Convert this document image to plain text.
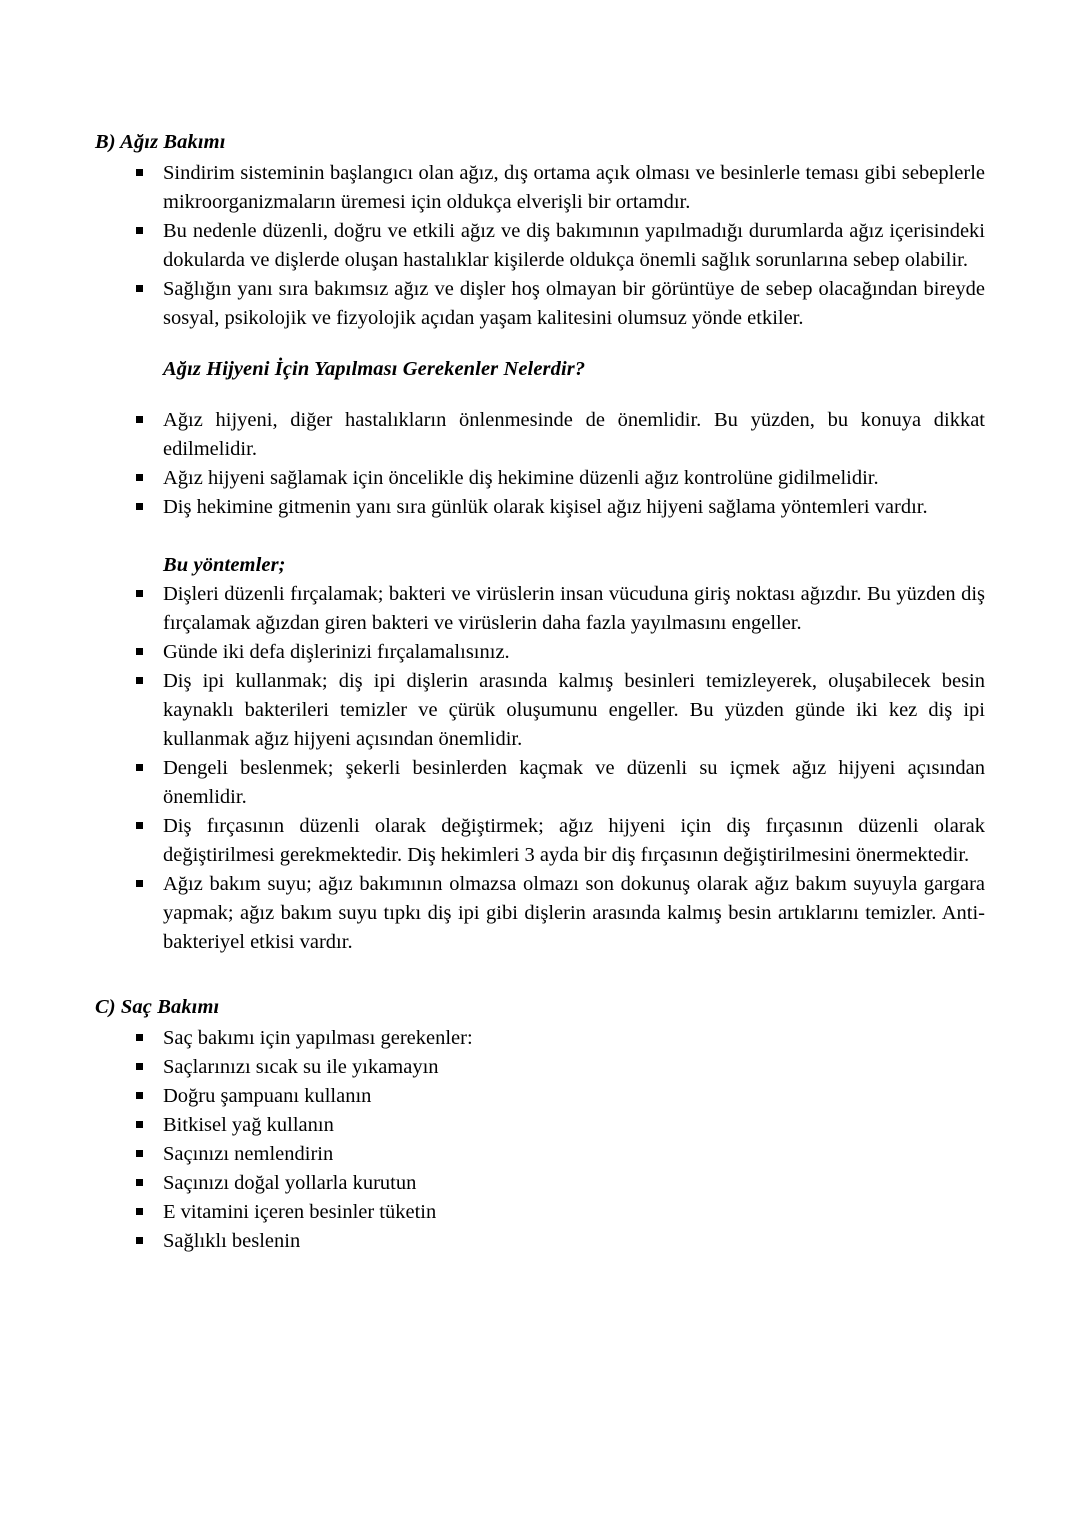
B) Ağız Bakımı
Sindirim sisteminin başlangıcı olan ağız, dış ortama açık olması ve besinlerle teması gibi sebeplerle mikroorganizmaların üremesi için oldukça elverişli bir ortamdır.
Bu nedenle düzenli, doğru ve etkili ağız ve diş bakımının yapılmadığı durumlarda ağız içerisindeki dokularda ve dişlerde oluşan hastalıklar kişilerde oldukça önemli sağlık sorunlarına sebep olabilir.
Sağlığın yanı sıra bakımsız ağız ve dişler hoş olmayan bir görüntüye de sebep olacağından bireyde sosyal, psikolojik ve fizyolojik açıdan yaşam kalitesini olumsuz yönde etkiler.
Ağız Hijyeni İçin Yapılması Gerekenler Nelerdir?
Ağız hijyeni, diğer hastalıkların önlenmesinde de önemlidir. Bu yüzden, bu konuya dikkat edilmelidir.
Ağız hijyeni sağlamak için öncelikle diş hekimine düzenli ağız kontrolüne gidilmelidir.
Diş hekimine gitmenin yanı sıra günlük olarak kişisel ağız hijyeni sağlama yöntemleri vardır.
Bu yöntemler;
Dişleri düzenli fırçalamak; bakteri ve virüslerin insan vücuduna giriş noktası ağızdır. Bu yüzden diş fırçalamak ağızdan giren bakteri ve virüslerin daha fazla yayılmasını engeller.
Günde iki defa dişlerinizi fırçalamalısınız.
Diş ipi kullanmak; diş ipi dişlerin arasında kalmış besinleri temizleyerek, oluşabilecek besin kaynaklı bakterileri temizler ve çürük oluşumunu engeller. Bu yüzden günde iki kez diş ipi kullanmak ağız hijyeni açısından önemlidir.
Dengeli beslenmek; şekerli besinlerden kaçmak ve düzenli su içmek ağız hijyeni açısından önemlidir.
Diş fırçasının düzenli olarak değiştirmek; ağız hijyeni için diş fırçasının düzenli olarak değiştirilmesi gerekmektedir. Diş hekimleri 3 ayda bir diş fırçasının değiştirilmesini önermektedir.
Ağız bakım suyu; ağız bakımının olmazsa olmazı son dokunuş olarak ağız bakım suyuyla gargara yapmak; ağız bakım suyu tıpkı diş ipi gibi dişlerin arasında kalmış besin artıklarını temizler. Anti-bakteriyel etkisi vardır.
C) Saç Bakımı
Saç bakımı için yapılması gerekenler:
Saçlarınızı sıcak su ile yıkamayın
Doğru şampuanı kullanın
Bitkisel yağ kullanın
Saçınızı nemlendirin
Saçınızı doğal yollarla kurutun
E vitamini içeren besinler tüketin
Sağlıklı beslenin
